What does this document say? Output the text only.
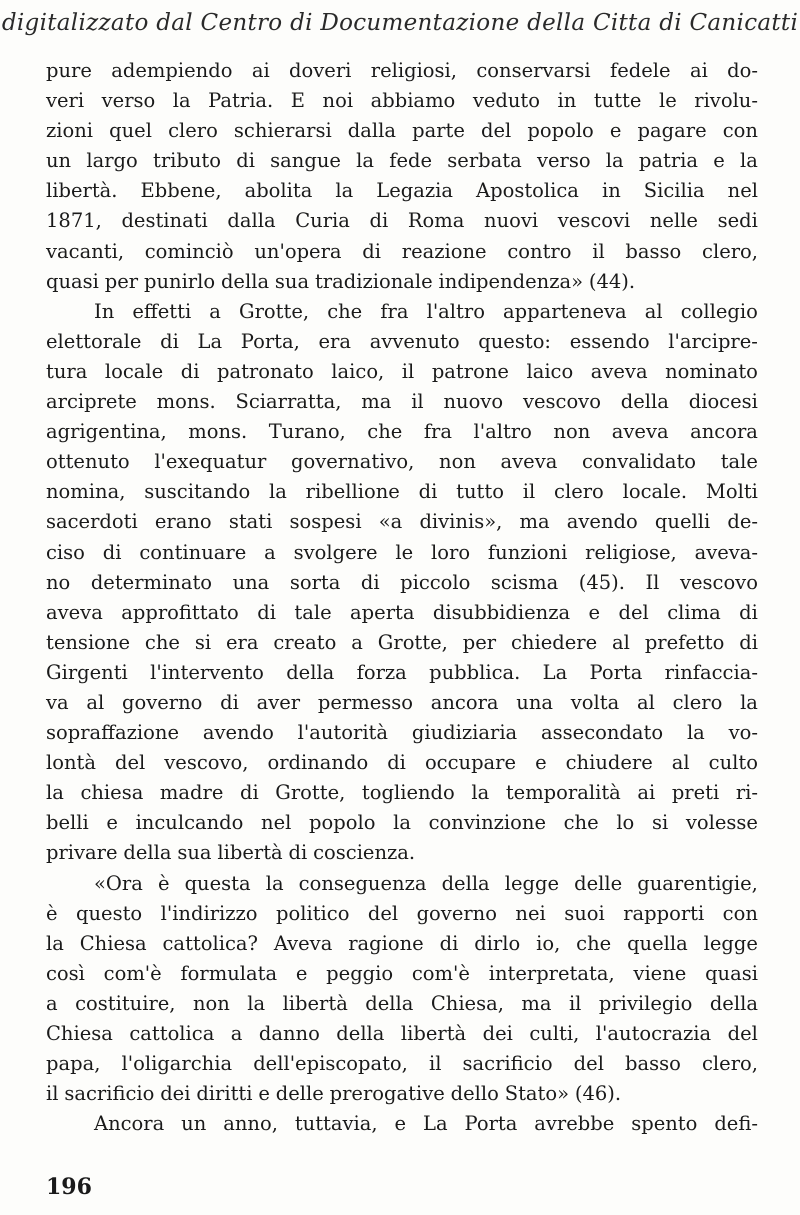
digitalizzato dal Centro di Documentazione della Citta di Canicatti
pure adempiendo ai doveri religiosi, conservarsi fedele ai do-
veri verso la Patria. E noi abbiamo veduto in tutte le rivolu-
zioni quel clero schierarsi dalla parte del popolo e pagare con
un largo tributo di sangue la fede serbata verso la patria e la
libertà. Ebbene, abolita la Legazia Apostolica in Sicilia nel
1871, destinati dalla Curia di Roma nuovi vescovi nelle sedi
vacanti, cominciò un'opera di reazione contro il basso clero,
quasi per punirlo della sua tradizionale indipendenza» (44).
In effetti a Grotte, che fra l'altro apparteneva al collegio
elettorale di La Porta, era avvenuto questo: essendo l'arcipre-
tura locale di patronato laico, il patrone laico aveva nominato
arciprete mons. Sciarratta, ma il nuovo vescovo della diocesi
agrigentina, mons. Turano, che fra l'altro non aveva ancora
ottenuto l'exequatur governativo, non aveva convalidato tale
nomina, suscitando la ribellione di tutto il clero locale. Molti
sacerdoti erano stati sospesi «a divinis», ma avendo quelli de-
ciso di continuare a svolgere le loro funzioni religiose, aveva-
no determinato una sorta di piccolo scisma (45). Il vescovo
aveva approfittato di tale aperta disubbidienza e del clima di
tensione che si era creato a Grotte, per chiedere al prefetto di
Girgenti l'intervento della forza pubblica. La Porta rinfaccia-
va al governo di aver permesso ancora una volta al clero la
sopraffazione avendo l'autorità giudiziaria assecondato la vo-
lontà del vescovo, ordinando di occupare e chiudere al culto
la chiesa madre di Grotte, togliendo la temporalità ai preti ri-
belli e inculcando nel popolo la convinzione che lo si volesse
privare della sua libertà di coscienza.
«Ora è questa la conseguenza della legge delle guarentigie,
è questo l'indirizzo politico del governo nei suoi rapporti con
la Chiesa cattolica? Aveva ragione di dirlo io, che quella legge
così com'è formulata e peggio com'è interpretata, viene quasi
a costituire, non la libertà della Chiesa, ma il privilegio della
Chiesa cattolica a danno della libertà dei culti, l'autocrazia del
papa, l'oligarchia dell'episcopato, il sacrificio del basso clero,
il sacrificio dei diritti e delle prerogative dello Stato» (46).
Ancora un anno, tuttavia, e La Porta avrebbe spento defi-
196
